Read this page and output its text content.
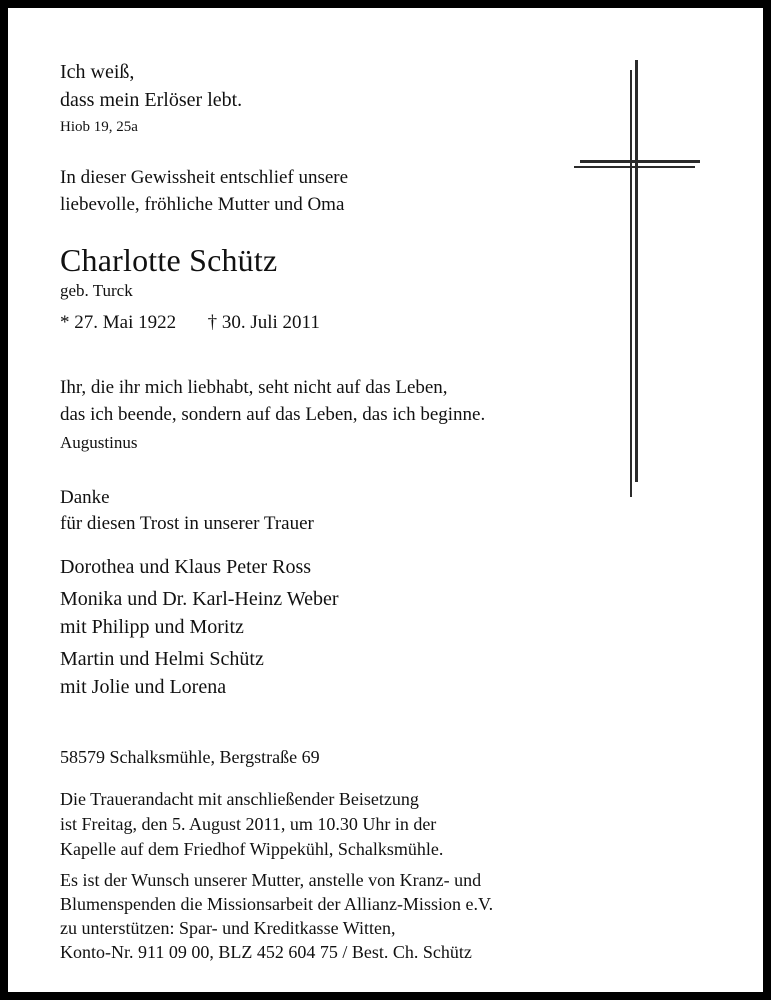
Ich weiß,
dass mein Erlöser lebt.
Hiob 19, 25a
In dieser Gewissheit entschlief unsere
liebevolle, fröhliche Mutter und Oma
Charlotte Schütz
geb. Turck
* 27. Mai 1922 † 30. Juli 2011
Ihr, die ihr mich liebhabt, seht nicht auf das Leben,
das ich beende, sondern auf das Leben, das ich beginne.
Augustinus
Danke
für diesen Trost in unserer Trauer
Dorothea und Klaus Peter Ross
Monika und Dr. Karl-Heinz Weber
mit Philipp und Moritz
Martin und Helmi Schütz
mit Jolie und Lorena
58579 Schalksmühle, Bergstraße 69
Die Trauerandacht mit anschließender Beisetzung
ist Freitag, den 5. August 2011, um 10.30 Uhr in der
Kapelle auf dem Friedhof Wippekühl, Schalksmühle.
Es ist der Wunsch unserer Mutter, anstelle von Kranz- und
Blumenspenden die Missionsarbeit der Allianz-Mission e.V.
zu unterstützen: Spar- und Kreditkasse Witten,
Konto-Nr. 911 09 00, BLZ 452 604 75 / Best. Ch. Schütz
